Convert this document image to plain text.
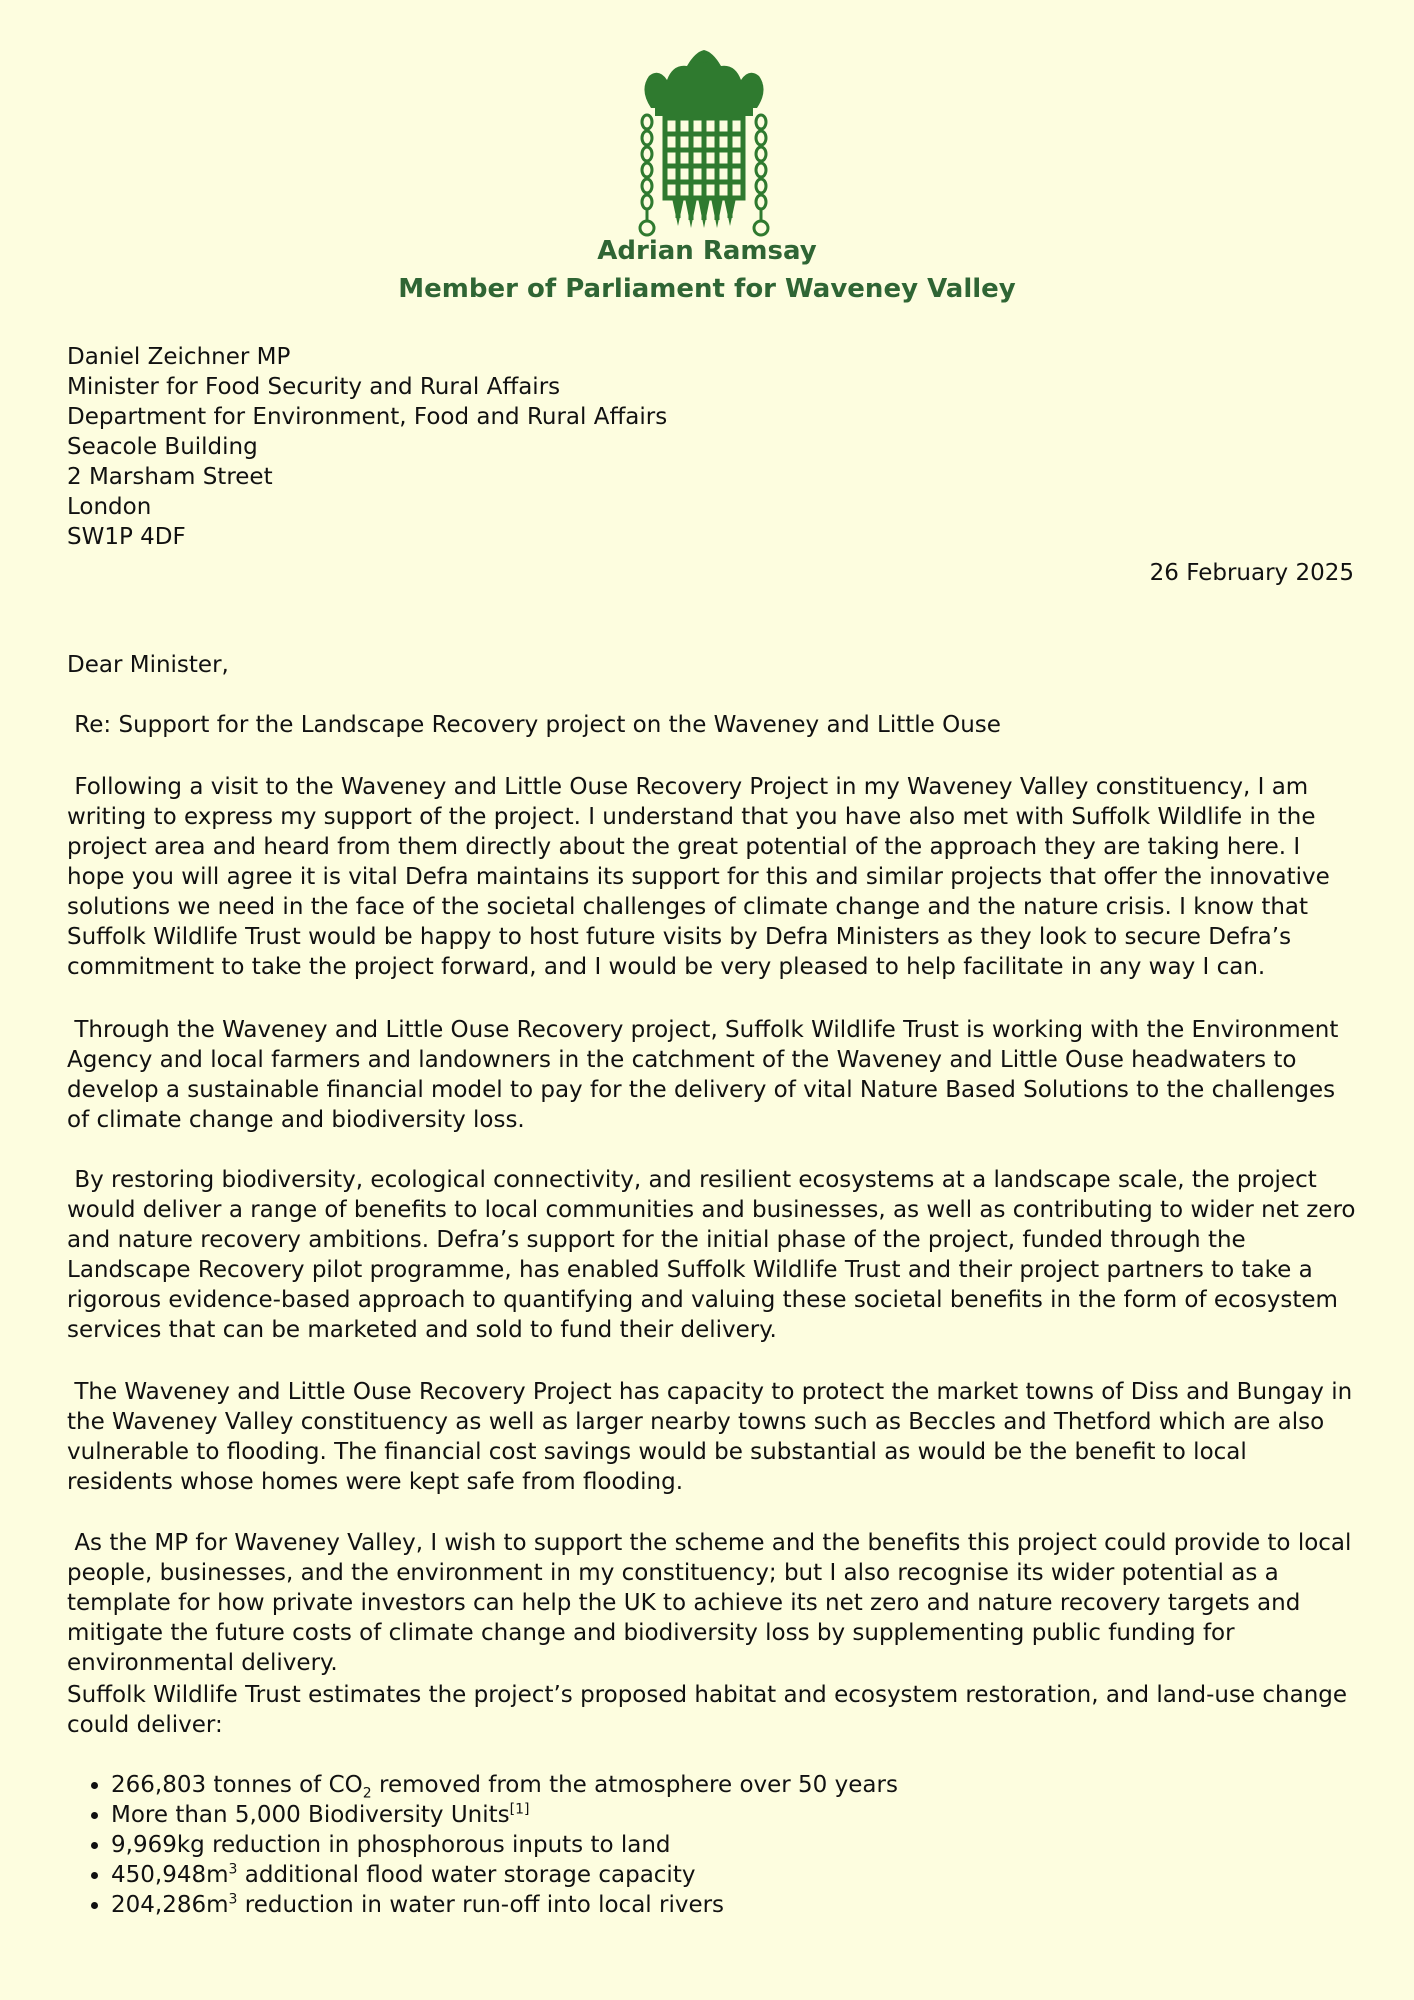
Adrian Ramsay
Member of Parliament for Waveney Valley
Daniel Zeichner MP
Minister for Food Security and Rural Affairs
Department for Environment, Food and Rural Affairs
Seacole Building
2 Marsham Street
London
SW1P 4DF
26 February 2025
Dear Minister,
Re: Support for the Landscape Recovery project on the Waveney and Little Ouse

Following a visit to the Waveney and Little Ouse Recovery Project in my Waveney Valley constituency, I am writing to express my support of the project. I understand that you have also met with Suffolk Wildlife in the project area and heard from them directly about the great potential of the approach they are taking here. I hope you will agree it is vital Defra maintains its support for this and similar projects that offer the innovative solutions we need in the face of the societal challenges of climate change and the nature crisis. I know that Suffolk Wildlife Trust would be happy to host future visits by Defra Ministers as they look to secure Defra’s commitment to take the project forward, and I would be very pleased to help facilitate in any way I can.

Through the Waveney and Little Ouse Recovery project, Suffolk Wildlife Trust is working with the Environment Agency and local farmers and landowners in the catchment of the Waveney and Little Ouse headwaters to develop a sustainable financial model to pay for the delivery of vital Nature Based Solutions to the challenges of climate change and biodiversity loss.

By restoring biodiversity, ecological connectivity, and resilient ecosystems at a landscape scale, the project would deliver a range of benefits to local communities and businesses, as well as contributing to wider net zero and nature recovery ambitions. Defra’s support for the initial phase of the project, funded through the Landscape Recovery pilot programme, has enabled Suffolk Wildlife Trust and their project partners to take a rigorous evidence-based approach to quantifying and valuing these societal benefits in the form of ecosystem services that can be marketed and sold to fund their delivery.

The Waveney and Little Ouse Recovery Project has capacity to protect the market towns of Diss and Bungay in the Waveney Valley constituency as well as larger nearby towns such as Beccles and Thetford which are also vulnerable to flooding. The financial cost savings would be substantial as would be the benefit to local residents whose homes were kept safe from flooding.

As the MP for Waveney Valley, I wish to support the scheme and the benefits this project could provide to local people, businesses, and the environment in my constituency; but I also recognise its wider potential as a template for how private investors can help the UK to achieve its net zero and nature recovery targets and mitigate the future costs of climate change and biodiversity loss by supplementing public funding for environmental delivery.

Suffolk Wildlife Trust estimates the project’s proposed habitat and ecosystem restoration, and land-use change could deliver:

• 266,803 tonnes of $CO_2$ removed from the atmosphere over 50 years
• More than 5,000 Biodiversity Units[1]
• 9,969kg reduction in phosphorous inputs to land
• $450,948m^3$ additional flood water storage capacity
• $204,286m^3$ reduction in water run-off into local rivers
